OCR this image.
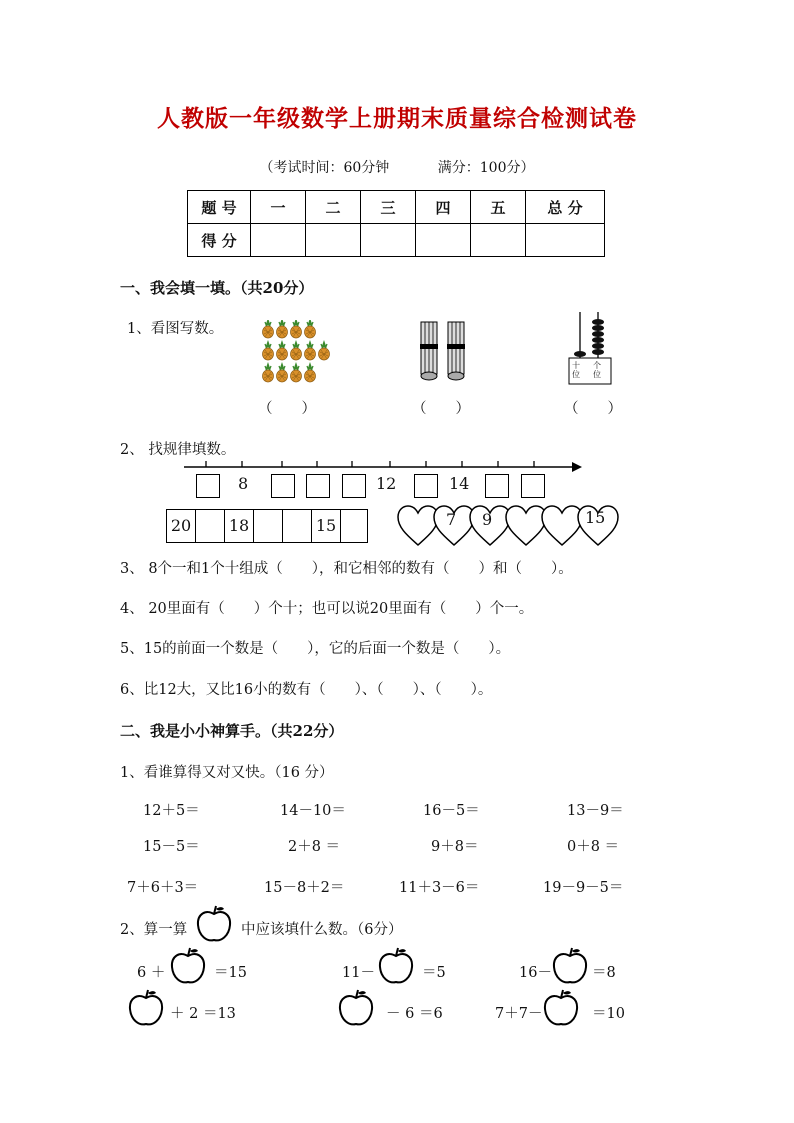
人教版一年级数学上册期末质量综合检测试卷
（考试时间：60分钟	满分：100分）
题 号	一	二	三	四	五	总 分
得 分						
一、我会填一填。（共20分）
1、看图写数。
十
位
个
位
（　　）	（　　）	（　　）
2、 找规律填数。
8	12	14
20	18	15	7 9	15
3、 8个一和1个十组成（　　），和它相邻的数有（　　）和（　　）。
4、 20里面有（　　）个十；也可以说20里面有（　　）个一。
5、15的前面一个数是（　　），它的后面一个数是（　　）。
6、比12大，又比16小的数有（　　）、（　　）、（　　）。
二、我是小小神算手。（共22分）
1、看谁算得又对又快。（16 分）
12＋5＝	14－10＝	16－5＝	13－9＝
15－5＝	2＋8 ＝	9＋8＝	0＋8 ＝
7＋6＋3＝	15－8＋2＝	11＋3－6＝	19－9－5＝
2、算一算	中应该填什么数。（6分）
6 ＋	＝15	11－	＝5	16－	＝8
＋ 2 ＝13	－ 6 ＝6	7＋7－	＝10
